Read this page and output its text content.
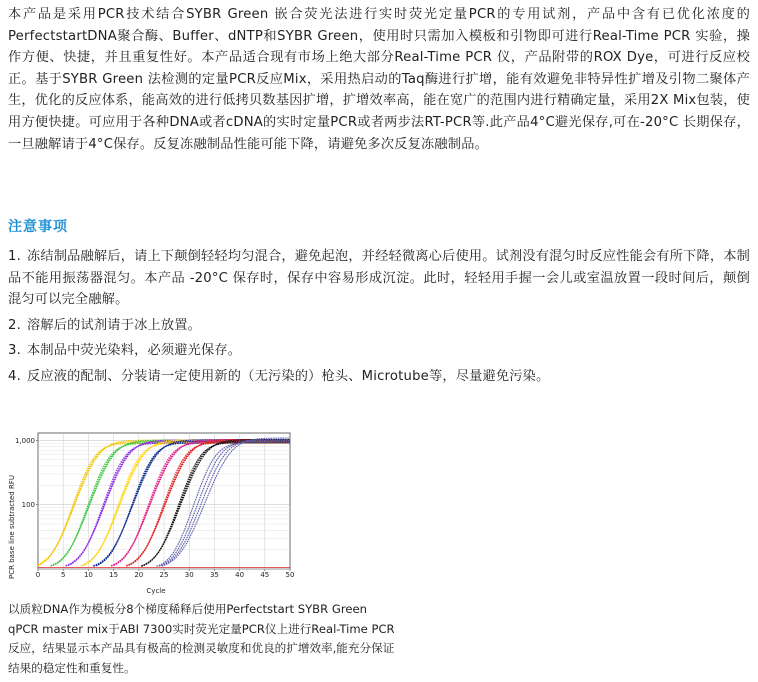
本产品是采用PCR技术结合SYBR Green 嵌合荧光法进行实时荧光定量PCR的专用试剂，产品中含有已优化浓度的PerfectstartDNA聚合酶、Buffer、dNTP和SYBR Green，使用时只需加入模板和引物即可进行Real-Time PCR 实验，操作方便、快捷，并且重复性好。本产品适合现有市场上绝大部分Real-Time PCR 仪，产品附带的ROX Dye，可进行反应校正。基于SYBR Green 法检测的定量PCR反应Mix，采用热启动的Taq酶进行扩增，能有效避免非特异性扩增及引物二聚体产生，优化的反应体系，能高效的进行低拷贝数基因扩增，扩增效率高，能在宽广的范围内进行精确定量，采用2X Mix包装，使用方便快捷。可应用于各种DNA或者cDNA的实时定量PCR或者两步法RT-PCR等.此产品4°C避光保存,可在-20°C 长期保存，一旦融解请于4°C保存。反复冻融制品性能可能下降，请避免多次反复冻融制品。

注意事项
1. 冻结制品融解后，请上下颠倒轻轻均匀混合，避免起泡，并经轻微离心后使用。试剂没有混匀时反应性能会有所下降，本制品不能用振荡器混匀。本产品 -20°C 保存时，保存中容易形成沉淀。此时，轻轻用手握一会儿或室温放置一段时间后，颠倒混匀可以完全融解。
2. 溶解后的试剂请于冰上放置。
3. 本制品中荧光染料，必须避光保存。
4. 反应液的配制、分装请一定使用新的（无污染的）枪头、Microtube等，尽量避免污染。
PCR base line subtracted RFU
Cycle
0	5	10 15 20 25 30 35 40 45 50
100
1,000

以质粒DNA作为模板分8个梯度稀释后使用Perfectstart SYBR Green qPCR master mix于ABI 7300实时荧光定量PCR仪上进行Real-Time PCR反应，结果显示本产品具有极高的检测灵敏度和优良的扩增效率,能充分保证结果的稳定性和重复性。
